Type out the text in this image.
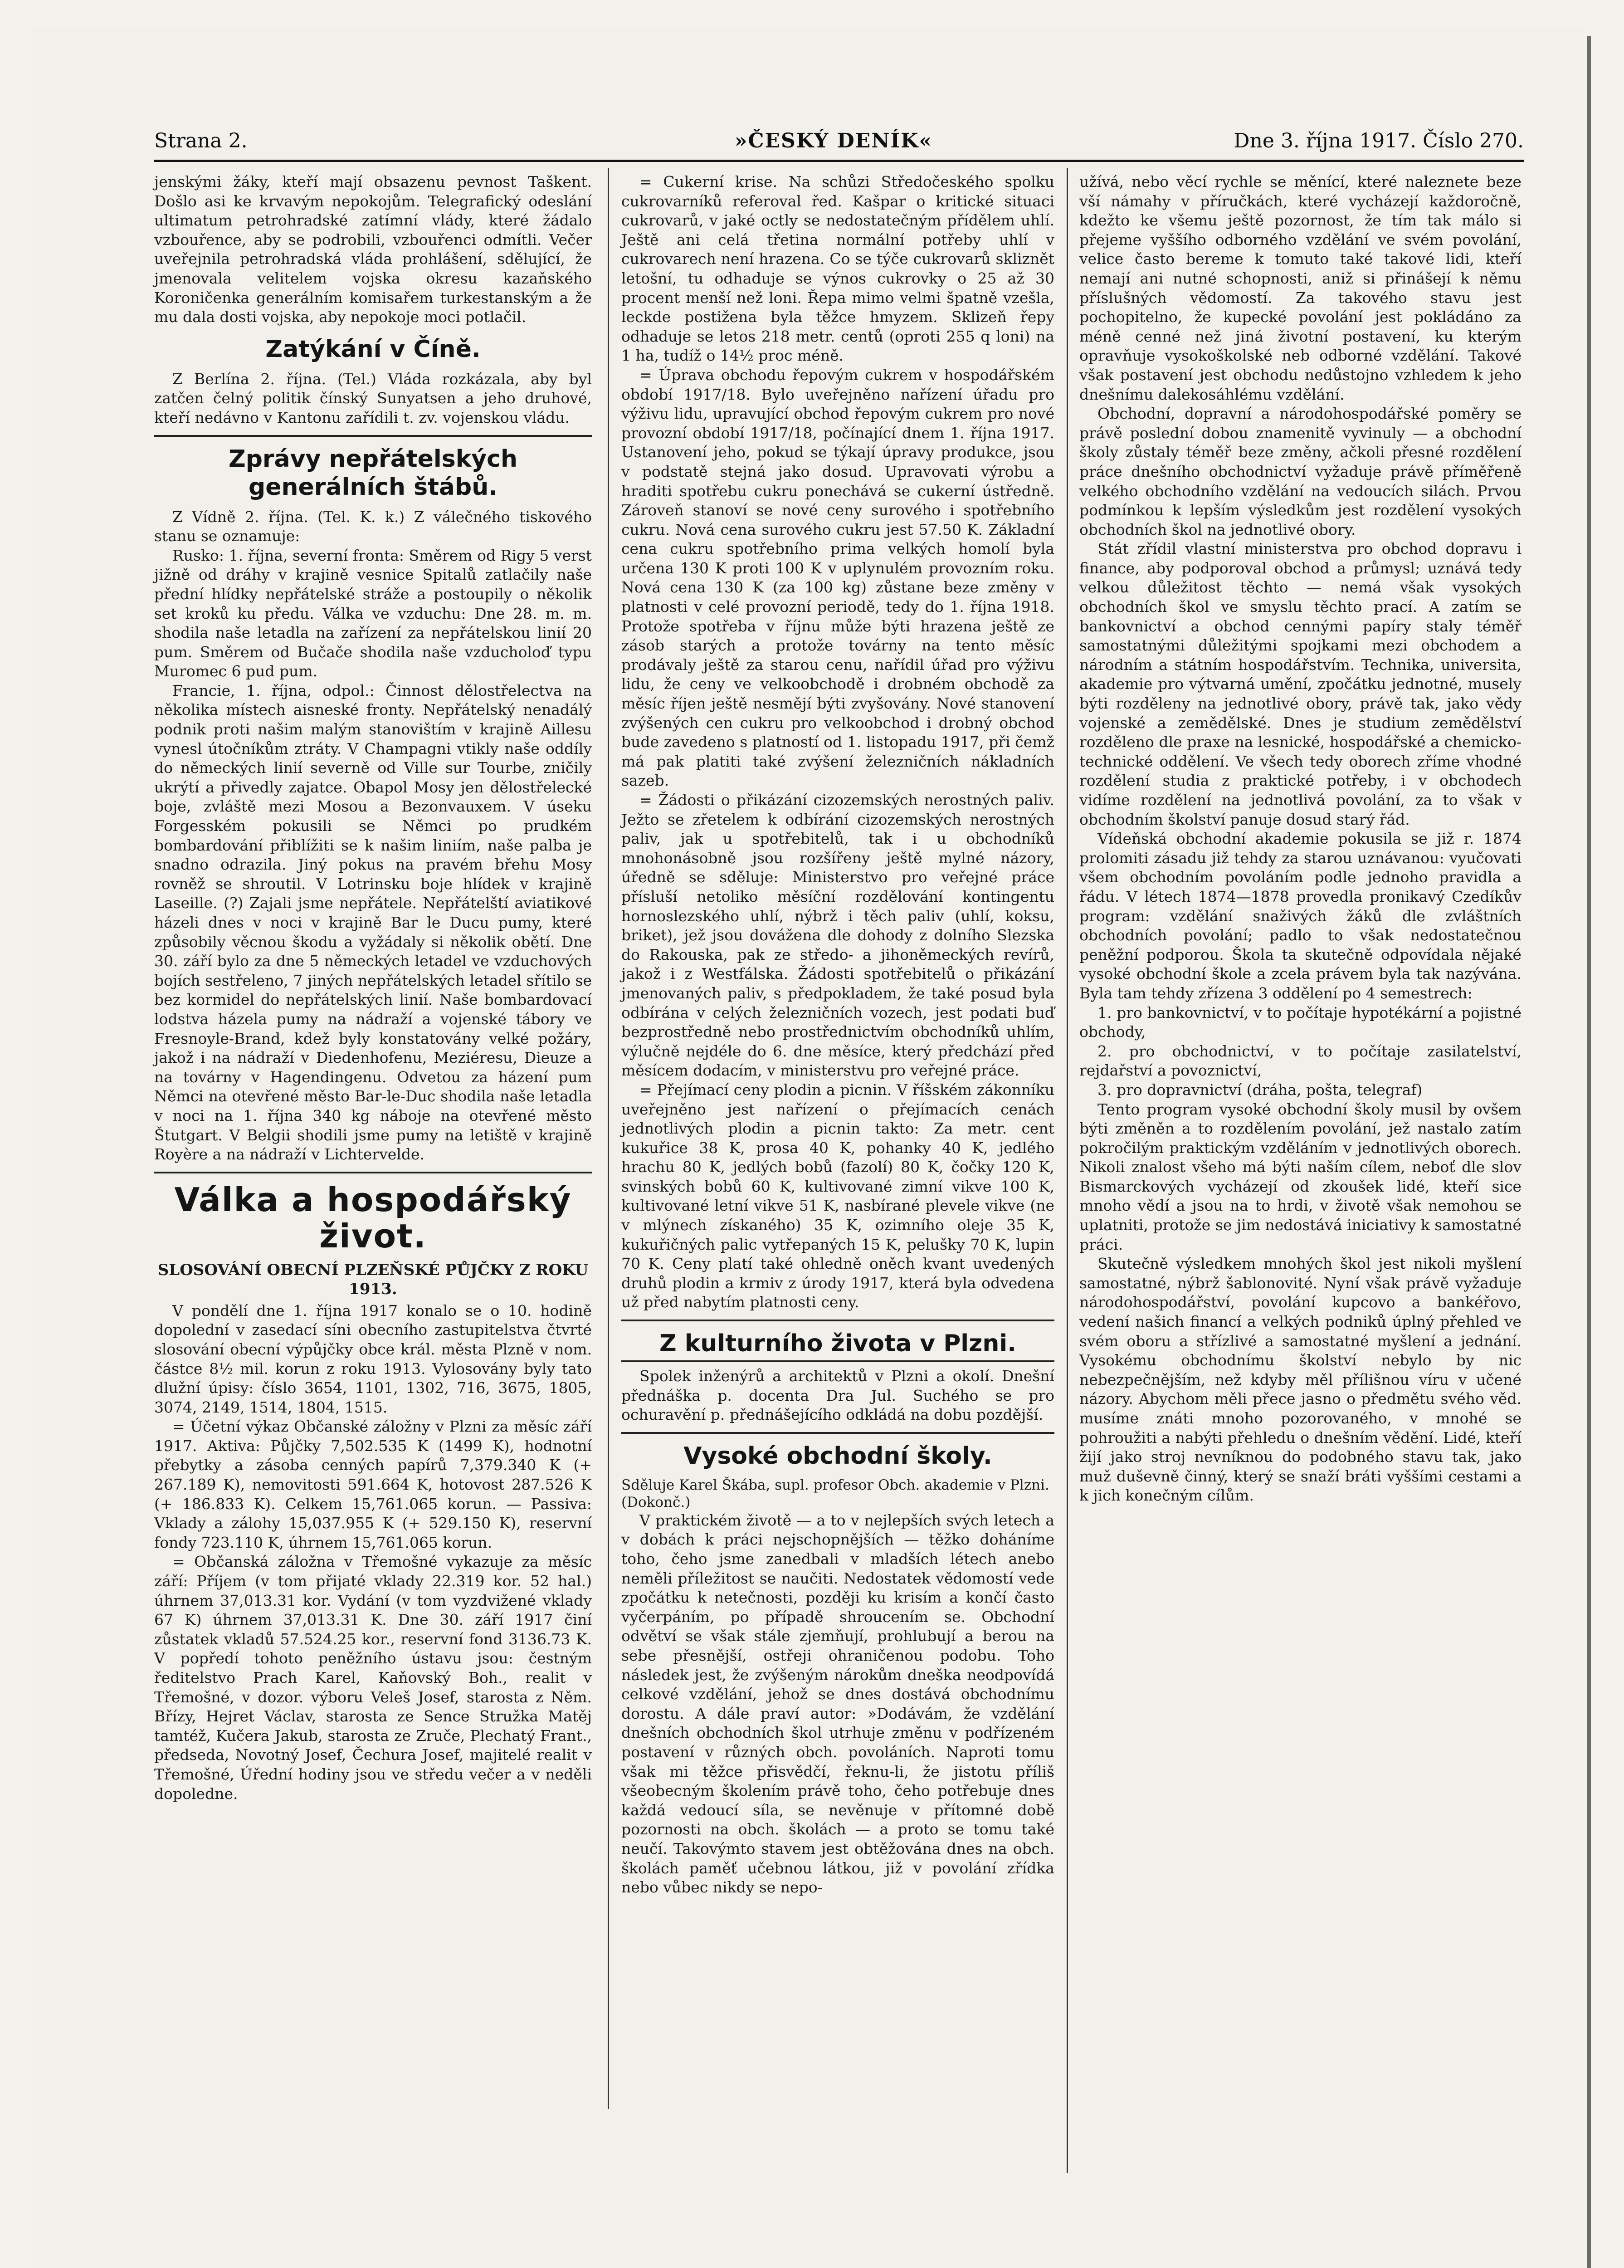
Strana 2.	»ČESKÝ DENÍK«	Dne 3. října 1917. Číslo 270.

jenskými žáky, kteří mají obsazenu pevnost Taškent. Došlo asi ke krvavým nepokojům. Telegrafický odeslání ultimatum petrohradské zatímní vlády, které žádalo vzbouřence, aby se podrobili, vzbouřenci odmítli. Večer uveřejnila petrohradská vláda prohlášení, sdělující, že jmenovala velitelem vojska okresu kazaňského Koroničenka generálním komisařem turkestanským a že mu dala dosti vojska, aby nepokoje moci potlačil.

Zatýkání v Číně.

Z Berlína 2. října. (Tel.) Vláda rozkázala, aby byl zatčen čelný politik čínský Sunyatsen a jeho druhové, kteří nedávno v Kantonu zařídili t. zv. vojenskou vládu.

Zprávy nepřátelských generálních štábů.

Z Vídně 2. října. (Tel. K. k.) Z válečného tiskového stanu se oznamuje:

Rusko: 1. října, severní fronta: Směrem od Rigy 5 verst jižně od dráhy v krajině vesnice Spitalů zatlačily naše přední hlídky nepřátelské stráže a postoupily o několik set kroků ku předu. Válka ve vzduchu: Dne 28. m. m. shodila naše letadla na zařízení za nepřátelskou linií 20 pum. Směrem od Bučače shodila naše vzducholoď typu Muromec 6 pud pum.

Francie, 1. října, odpol.: Činnost dělostřelectva na několika místech aisneské fronty. Nepřátelský nenadálý podnik proti našim malým stanovištím v krajině Aillesu vynesl útočníkům ztráty. V Champagni vtikly naše oddíly do německých linií severně od Ville sur Tourbe, zničily ukrýtí a přivedly zajatce. Obapol Mosy jen dělostřelecké boje, zvláště mezi Mosou a Bezonvauxem. V úseku Forgesském pokusili se Němci po prudkém bombardování přiblížiti se k našim liniím, naše palba je snadno odrazila. Jiný pokus na pravém břehu Mosy rovněž se shroutil. V Lotrinsku boje hlídek v krajině Laseille. (?) Zajali jsme nepřátele. Nepřátelští aviatikové házeli dnes v noci v krajině Bar le Ducu pumy, které způsobily věcnou škodu a vyžádaly si několik obětí. Dne 30. září bylo za dne 5 německých letadel ve vzduchových bojích sestřeleno, 7 jiných nepřátelských letadel sřítilo se bez kormidel do nepřátelských linií. Naše bombardovací lodstva házela pumy na nádraží a vojenské tábory ve Fresnoyle-Brand, kdež byly konstatovány velké požáry, jakož i na nádraží v Diedenhofenu, Meziéresu, Dieuze a na továrny v Hagendingenu. Odvetou za házení pum Němci na otevřené město Bar-le-Duc shodila naše letadla v noci na 1. října 340 kg náboje na otevřené město Štutgart. V Belgii shodili jsme pumy na letiště v krajině Royère a na nádraží v Lichtervelde.

Válka a hospodářský život.
SLOSOVÁNÍ OBECNÍ PLZEŇSKÉ PŮJČKY Z ROKU 1913.

V pondělí dne 1. října 1917 konalo se o 10. hodině dopolední v zasedací síni obecního zastupitelstva čtvrté slosování obecní výpůjčky obce král. města Plzně v nom. částce 8½ mil. korun z roku 1913. Vylosovány byly tato dlužní úpisy: číslo 3654, 1101, 1302, 716, 3675, 1805, 3074, 2149, 1514, 1804, 1515.

= Účetní výkaz Občanské záložny v Plzni za měsíc září 1917. Aktiva: Půjčky 7,502.535 K (1499 K), hodnotní přebytky a zásoba cenných papírů 7,379.340 K (+ 267.189 K), nemovitosti 591.664 K, hotovost 287.526 K (+ 186.833 K). Celkem 15,761.065 korun. — Passiva: Vklady a zálohy 15,037.955 K (+ 529.150 K), reservní fondy 723.110 K, úhrnem 15,761.065 korun.

= Občanská záložna v Třemošné vykazuje za měsíc září: Příjem (v tom přijaté vklady 22.319 kor. 52 hal.) úhrnem 37,013.31 kor. Vydání (v tom vyzdvižené vklady 67 K) úhrnem 37,013.31 K. Dne 30. září 1917 činí zůstatek vkladů 57.524.25 kor., reservní fond 3136.73 K. V popředí tohoto peněžního ústavu jsou: čestným ředitelstvo Prach Karel, Kaňovský Boh., realit v Třemošné, v dozor. výboru Veleš Josef, starosta z Něm. Břízy, Hejret Václav, starosta ze Sence Stružka Matěj tamtéž, Kučera Jakub, starosta ze Zruče, Plechatý Frant., předseda, Novotný Josef, Čechura Josef, majitelé realit v Třemošné, Úřední hodiny jsou ve středu večer a v neděli dopoledne.

= Cukerní krise. Na schůzi Středočeského spolku cukrovarníků referoval řed. Kašpar o kritické situaci cukrovarů, v jaké octly se nedostatečným přídělem uhlí. Ještě ani celá třetina normální potřeby uhlí v cukrovarech není hrazena. Co se týče cukrovarů skliznět letošní, tu odhaduje se výnos cukrovky o 25 až 30 procent menší než loni. Řepa mimo velmi špatně vzešla, leckde postižena byla těžce hmyzem. Sklizeň řepy odhaduje se letos 218 metr. centů (oproti 255 q loni) na 1 ha, tudíž o 14½ proc méně.

= Úprava obchodu řepovým cukrem v hospodářském období 1917/18. Bylo uveřejněno nařízení úřadu pro výživu lidu, upravující obchod řepovým cukrem pro nové provozní období 1917/18, počínající dnem 1. října 1917. Ustanovení jeho, pokud se týkají úpravy produkce, jsou v podstatě stejná jako dosud. Upravovati výrobu a hraditi spotřebu cukru ponechává se cukerní ústředně. Zároveň stanoví se nové ceny surového i spotřebního cukru. Nová cena surového cukru jest 57.50 K. Základní cena cukru spotřebního prima velkých homolí byla určena 130 K proti 100 K v uplynulém provozním roku. Nová cena 130 K (za 100 kg) zůstane beze změny v platnosti v celé provozní periodě, tedy do 1. října 1918. Protože spotřeba v říjnu může býti hrazena ještě ze zásob starých a protože továrny na tento měsíc prodávaly ještě za starou cenu, nařídil úřad pro výživu lidu, že ceny ve velkoobchodě i drobném obchodě za měsíc říjen ještě nesmějí býti zvyšovány. Nové stanovení zvýšených cen cukru pro velkoobchod i drobný obchod bude zavedeno s platností od 1. listopadu 1917, při čemž má pak platiti také zvýšení železničních nákladních sazeb.

= Žádosti o přikázání cizozemských nerostných paliv. Ježto se zřetelem k odbírání cizozemských nerostných paliv, jak u spotřebitelů, tak i u obchodníků mnohonásobně jsou rozšířeny ještě mylné názory, úředně se sděluje: Ministerstvo pro veřejné práce přísluší netoliko měsíční rozdělování kontingentu hornoslezského uhlí, nýbrž i těch paliv (uhlí, koksu, briket), jež jsou dovážena dle dohody z dolního Slezska do Rakouska, pak ze středo- a jihoněmeckých revírů, jakož i z Westfálska. Žádosti spotřebitelů o přikázání jmenovaných paliv, s předpokladem, že také posud byla odbírána v celých železničních vozech, jest podati buď bezprostředně nebo prostřednictvím obchodníků uhlím, výlučně nejdéle do 6. dne měsíce, který předchází před měsícem dodacím, v ministerstvu pro veřejné práce.

= Přejímací ceny plodin a picnin. V říšském zákonníku uveřejněno jest nařízení o přejímacích cenách jednotlivých plodin a picnin takto: Za metr. cent kukuřice 38 K, prosa 40 K, pohanky 40 K, jedlého hrachu 80 K, jedlých bobů (fazolí) 80 K, čočky 120 K, svinských bobů 60 K, kultivované zimní vikve 100 K, kultivované letní vikve 51 K, nasbírané plevele vikve (ne v mlýnech získaného) 35 K, ozimního oleje 35 K, kukuřičných palic vytřepaných 15 K, pelušky 70 K, lupin 70 K. Ceny platí také ohledně oněch kvant uvedených druhů plodin a krmiv z úrody 1917, která byla odvedena už před nabytím platnosti ceny.

Z kulturního života v Plzni.

Spolek inženýrů a architektů v Plzni a okolí. Dnešní přednáška p. docenta Dra Jul. Suchého se pro ochuravění p. přednášejícího odkládá na dobu pozdější.

Vysoké obchodní školy.

Sděluje Karel Škába, supl. profesor Obch. akademie v Plzni. (Dokonč.)

V praktickém životě — a to v nejlepších svých letech a v dobách k práci nejschopnějších — těžko doháníme toho, čeho jsme zanedbali v mladších létech anebo neměli příležitost se naučiti. Nedostatek vědomostí vede zpočátku k netečnosti, později ku krisím a končí často vyčerpáním, po případě shroucením se. Obchodní odvětví se však stále zjemňují, prohlubují a berou na sebe přesnější, ostřeji ohraničenou podobu. Toho následek jest, že zvýšeným nárokům dneška neodpovídá celkové vzdělání, jehož se dnes dostává obchodnímu dorostu. A dále praví autor: »Dodávám, že vzdělání dnešních obchodních škol utrhuje změnu v podřízeném postavení v různých obch. povoláních. Naproti tomu však mi těžce přisvědčí, řeknu-li, že jistotu příliš všeobecným školením právě toho, čeho potřebuje dnes každá vedoucí síla, se nevěnuje v přítomné době pozornosti na obch. školách — a proto se tomu také neučí. Takovýmto stavem jest obtěžována dnes na obch. školách paměť učebnou látkou, již v povolání zřídka nebo vůbec nikdy se nepo-

užívá, nebo věcí rychle se měnící, které naleznete beze vší námahy v příručkách, které vycházejí každoročně, kdežto ke všemu ještě pozornost, že tím tak málo si přejeme vyššího odborného vzdělání ve svém povolání, velice často bereme k tomuto také takové lidi, kteří nemají ani nutné schopnosti, aniž si přinášejí k němu příslušných vědomostí. Za takového stavu jest pochopitelno, že kupecké povolání jest pokládáno za méně cenné než jiná životní postavení, ku kterým opravňuje vysokoškolské neb odborné vzdělání. Takové však postavení jest obchodu nedůstojno vzhledem k jeho dnešnímu dalekosáhlému vzdělání.

Obchodní, dopravní a národohospodářské poměry se právě poslední dobou znamenitě vyvinuly — a obchodní školy zůstaly téměř beze změny, ačkoli přesné rozdělení práce dnešního obchodnictví vyžaduje právě příměřeně velkého obchodního vzdělání na vedoucích silách. Prvou podmínkou k lepším výsledkům jest rozdělení vysokých obchodních škol na jednotlivé obory.

Stát zřídil vlastní ministerstva pro obchod dopravu i finance, aby podporoval obchod a průmysl; uznává tedy velkou důležitost těchto — nemá však vysokých obchodních škol ve smyslu těchto prací. A zatím se bankovnictví a obchod cennými papíry staly téměř samostatnými důležitými spojkami mezi obchodem a národním a státním hospodářstvím. Technika, universita, akademie pro výtvarná umění, zpočátku jednotné, musely býti rozděleny na jednotlivé obory, právě tak, jako vědy vojenské a zemědělské. Dnes je studium zemědělství rozděleno dle praxe na lesnické, hospodářské a chemicko-technické oddělení. Ve všech tedy oborech zříme vhodné rozdělení studia z praktické potřeby, i v obchodech vidíme rozdělení na jednotlivá povolání, za to však v obchodním školství panuje dosud starý řád.

Vídeňská obchodní akademie pokusila se již r. 1874 prolomiti zásadu již tehdy za starou uznávanou: vyučovati všem obchodním povoláním podle jednoho pravidla a řádu. V létech 1874—1878 provedla pronikavý Czedíkův program: vzdělání snaživých žáků dle zvláštních obchodních povolání; padlo to však nedostatečnou peněžní podporou. Škola ta skutečně odpovídala nějaké vysoké obchodní škole a zcela právem byla tak nazývána. Byla tam tehdy zřízena 3 oddělení po 4 semestrech:

1. pro bankovnictví, v to počítaje hypotékární a pojistné obchody,

2. pro obchodnictví, v to počítaje zasilatelství, rejdařství a povoznictví,

3. pro dopravnictví (dráha, pošta, telegraf)

Tento program vysoké obchodní školy musil by ovšem býti změněn a to rozdělením povolání, jež nastalo zatím pokročilým praktickým vzděláním v jednotlivých oborech. Nikoli znalost všeho má býti naším cílem, neboť dle slov Bismarckových vycházejí od zkoušek lidé, kteří sice mnoho vědí a jsou na to hrdi, v životě však nemohou se uplatniti, protože se jim nedostává iniciativy k samostatné práci.

Skutečně výsledkem mnohých škol jest nikoli myšlení samostatné, nýbrž šablonovité. Nyní však právě vyžaduje národohospodářství, povolání kupcovo a bankéřovo, vedení našich financí a velkých podniků úplný přehled ve svém oboru a střízlivé a samostatné myšlení a jednání. Vysokému obchodnímu školství nebylo by nic nebezpečnějším, než kdyby měl přílišnou víru v učené názory. Abychom měli přece jasno o předmětu svého věd. musíme znáti mnoho pozorovaného, v mnohé se pohroužiti a nabýti přehledu o dnešním vědění. Lidé, kteří žijí jako stroj nevníknou do podobného stavu tak, jako muž duševně činný, který se snaží bráti vyššími cestami a k jich konečným cílům.
